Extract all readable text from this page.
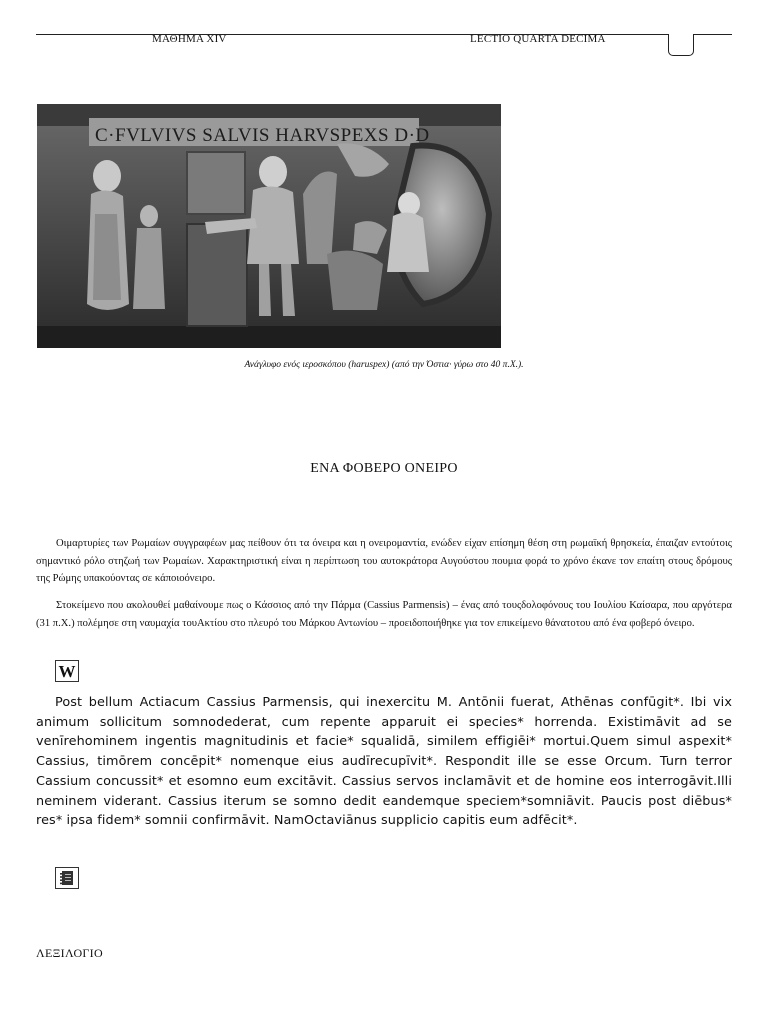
ΜΑΘΗΜΑ XIV	LECTIO QUARTA DECIMA
C·FVLVIVS SALVIS HARVSPEXS D·D
Ανάγλυφο ενός ιεροσκόπου (haruspex) (από την Όστια· γύρω στο 40 π.Χ.).
ΕΝΑ ΦΟΒΕΡΟ ΟΝΕΙΡΟ

Οιμαρτυρίες των Ρωμαίων συγγραφέων μας πείθουν ότι τα όνειρα και η ονειρομαντία, ενώδεν είχαν επίσημη θέση στη ρωμαϊκή θρησκεία, έπαιζαν εντούτοις σημαντικό ρόλο στηζωή των Ρωμαίων. Χαρακτηριστική είναι η περίπτωση του αυτοκράτορα Αυγούστου πουμια φορά το χρόνο έκανε τον επαίτη στους δρόμους της Ρώμης υπακούοντας σε κάποιοόνειρο.

Στοκείμενο που ακολουθεί μαθαίνουμε πως ο Κάσσιος από την Πάρμα (Cassius Parmensis) – ένας από τουςδολοφόνους του Ιουλίου Καίσαρα, που αργότερα (31 π.Χ.) πολέμησε στη ναυμαχία τουΑκτίου στο πλευρό του Μάρκου Αντωνίου – προειδοποιήθηκε για τον επικείμενο θάνατοτου από ένα φοβερό όνειρο.

W

Post bellum Actiacum Cassius Parmensis, qui inexercitu M. Antōnii fuerat, Athēnas confūgit*. Ibi vix animum sollicitum somnodederat, cum repente apparuit ei species* horrenda. Existimāvit ad se venīrehominem ingentis magnitudinis et facie* squalidā, similem effigiēi* mortui.Quem simul aspexit* Cassius, timōrem concēpit* nomenque eius audīrecupīvit*. Respondit ille se esse Orcum. Turn terror Cassium concussit* et esomno eum excitāvit. Cassius servos inclamāvit et de homine eos interrogāvit.Illi neminem viderant. Cassius iterum se somno dedit eandemque speciem*somniāvit. Paucis post diēbus* res* ipsa fidem* somnii confirmāvit. NamOctaviānus supplicio capitis eum adfēcit*.

ΛΕΞΙΛΟΓΙΟ
